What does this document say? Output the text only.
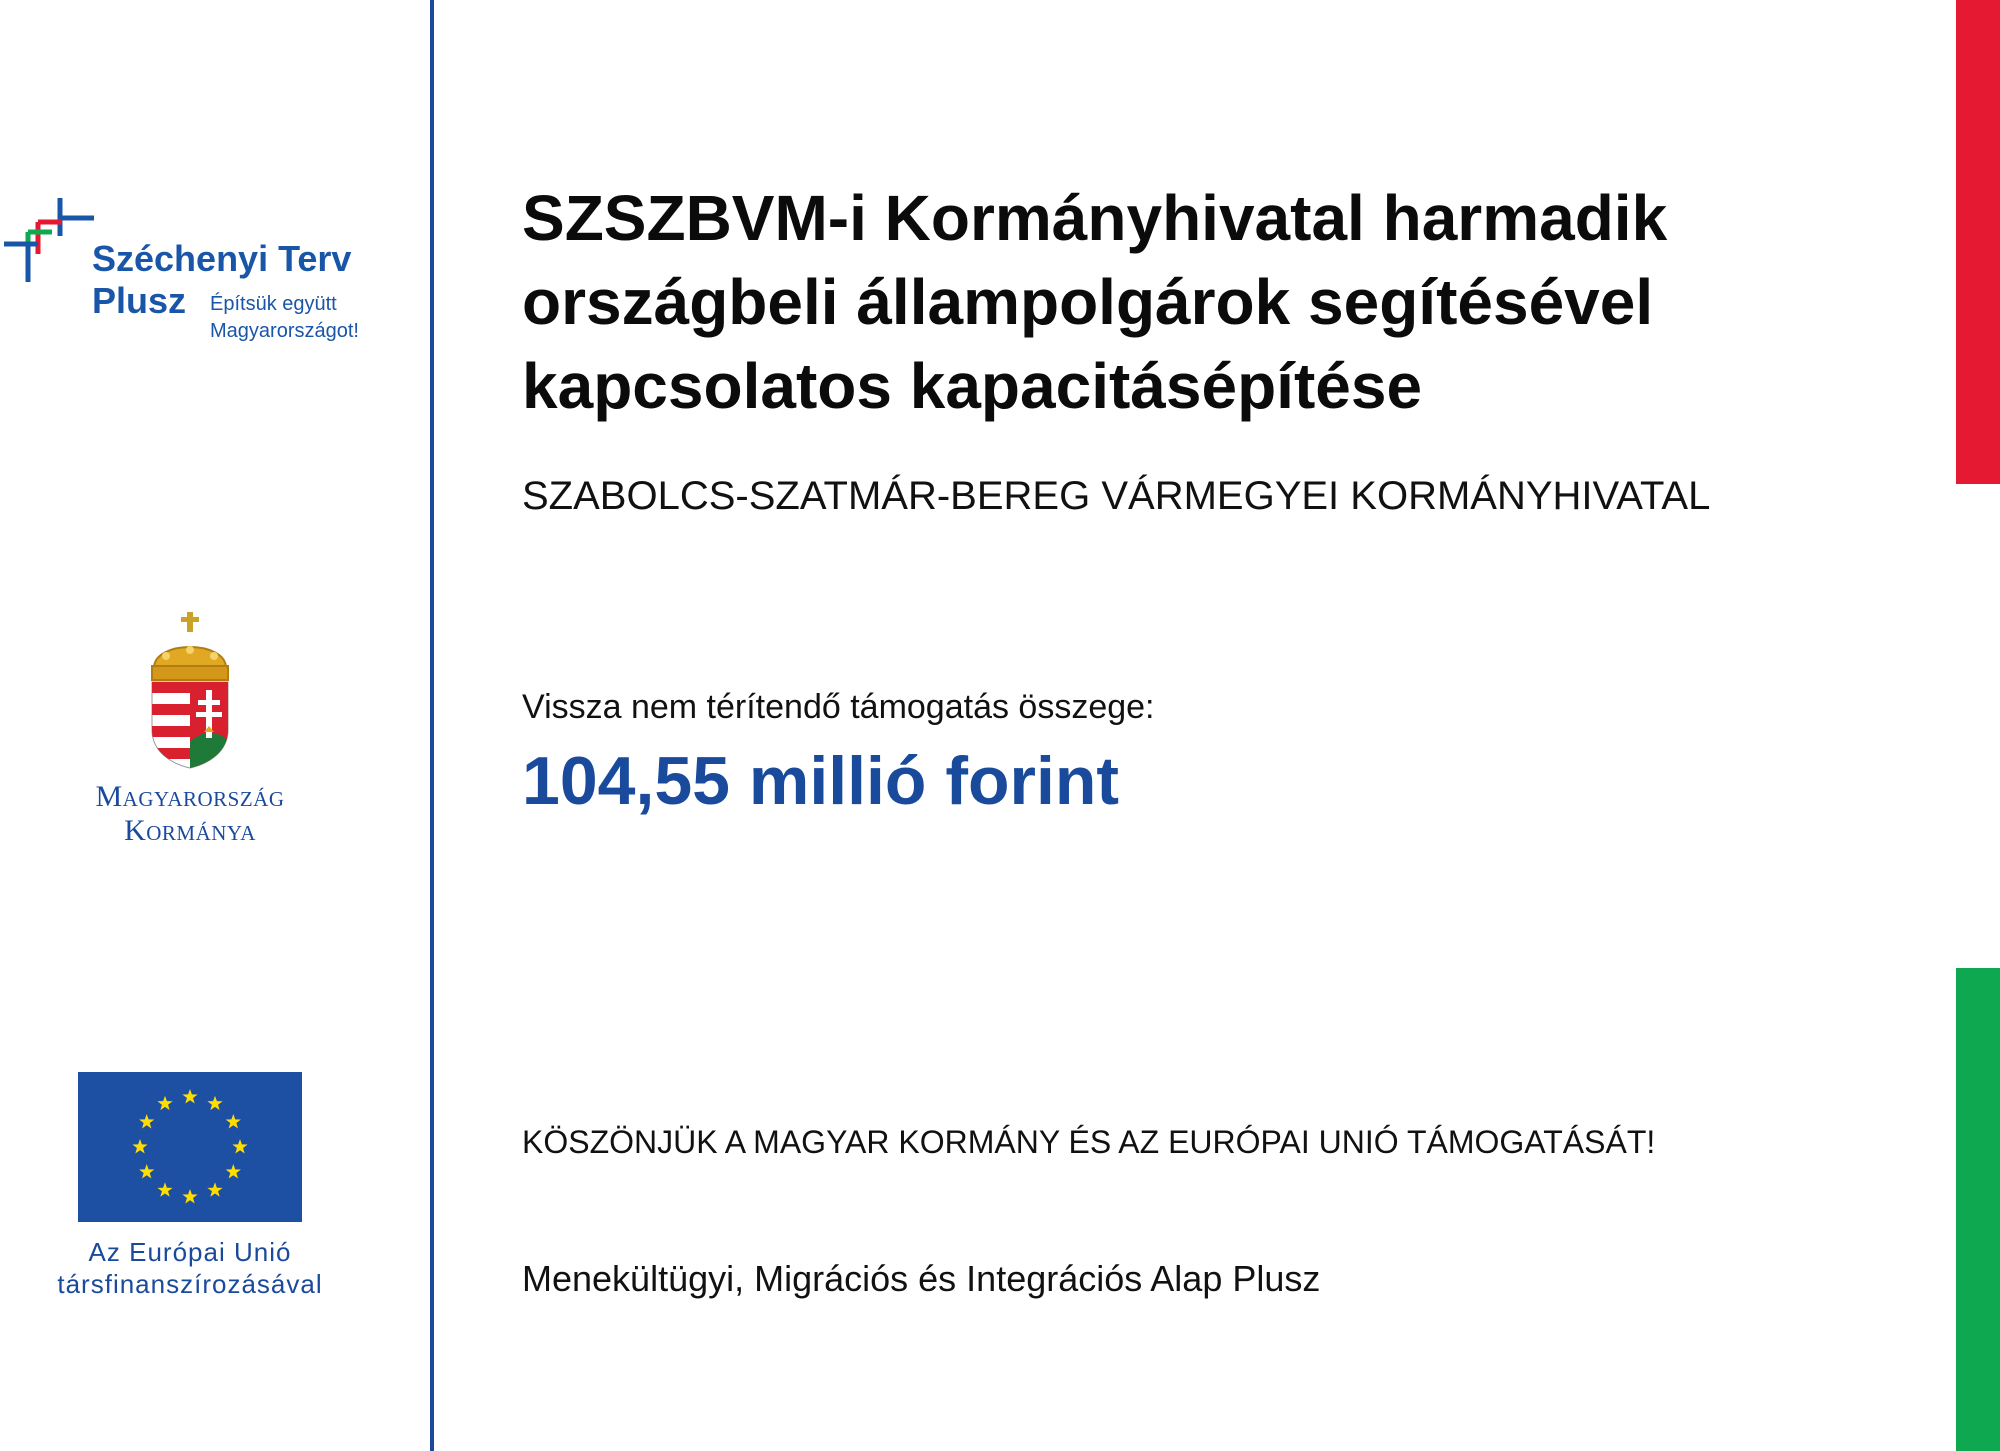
Széchenyi Terv
Plusz Építsük együtt
Magyarországot!
Magyarország
Kormánya
Az Európai Unió
társfinanszírozásával
SZSZBVM-i Kormányhivatal harmadik országbeli állampolgárok segítésével kapcsolatos kapacitásépítése
SZABOLCS-SZATMÁR-BEREG VÁRMEGYEI KORMÁNYHIVATAL
Vissza nem térítendő támogatás összege:
104,55 millió forint
KÖSZÖNJÜK A MAGYAR KORMÁNY ÉS AZ EURÓPAI UNIÓ TÁMOGATÁSÁT!
Menekültügyi, Migrációs és Integrációs Alap Plusz
